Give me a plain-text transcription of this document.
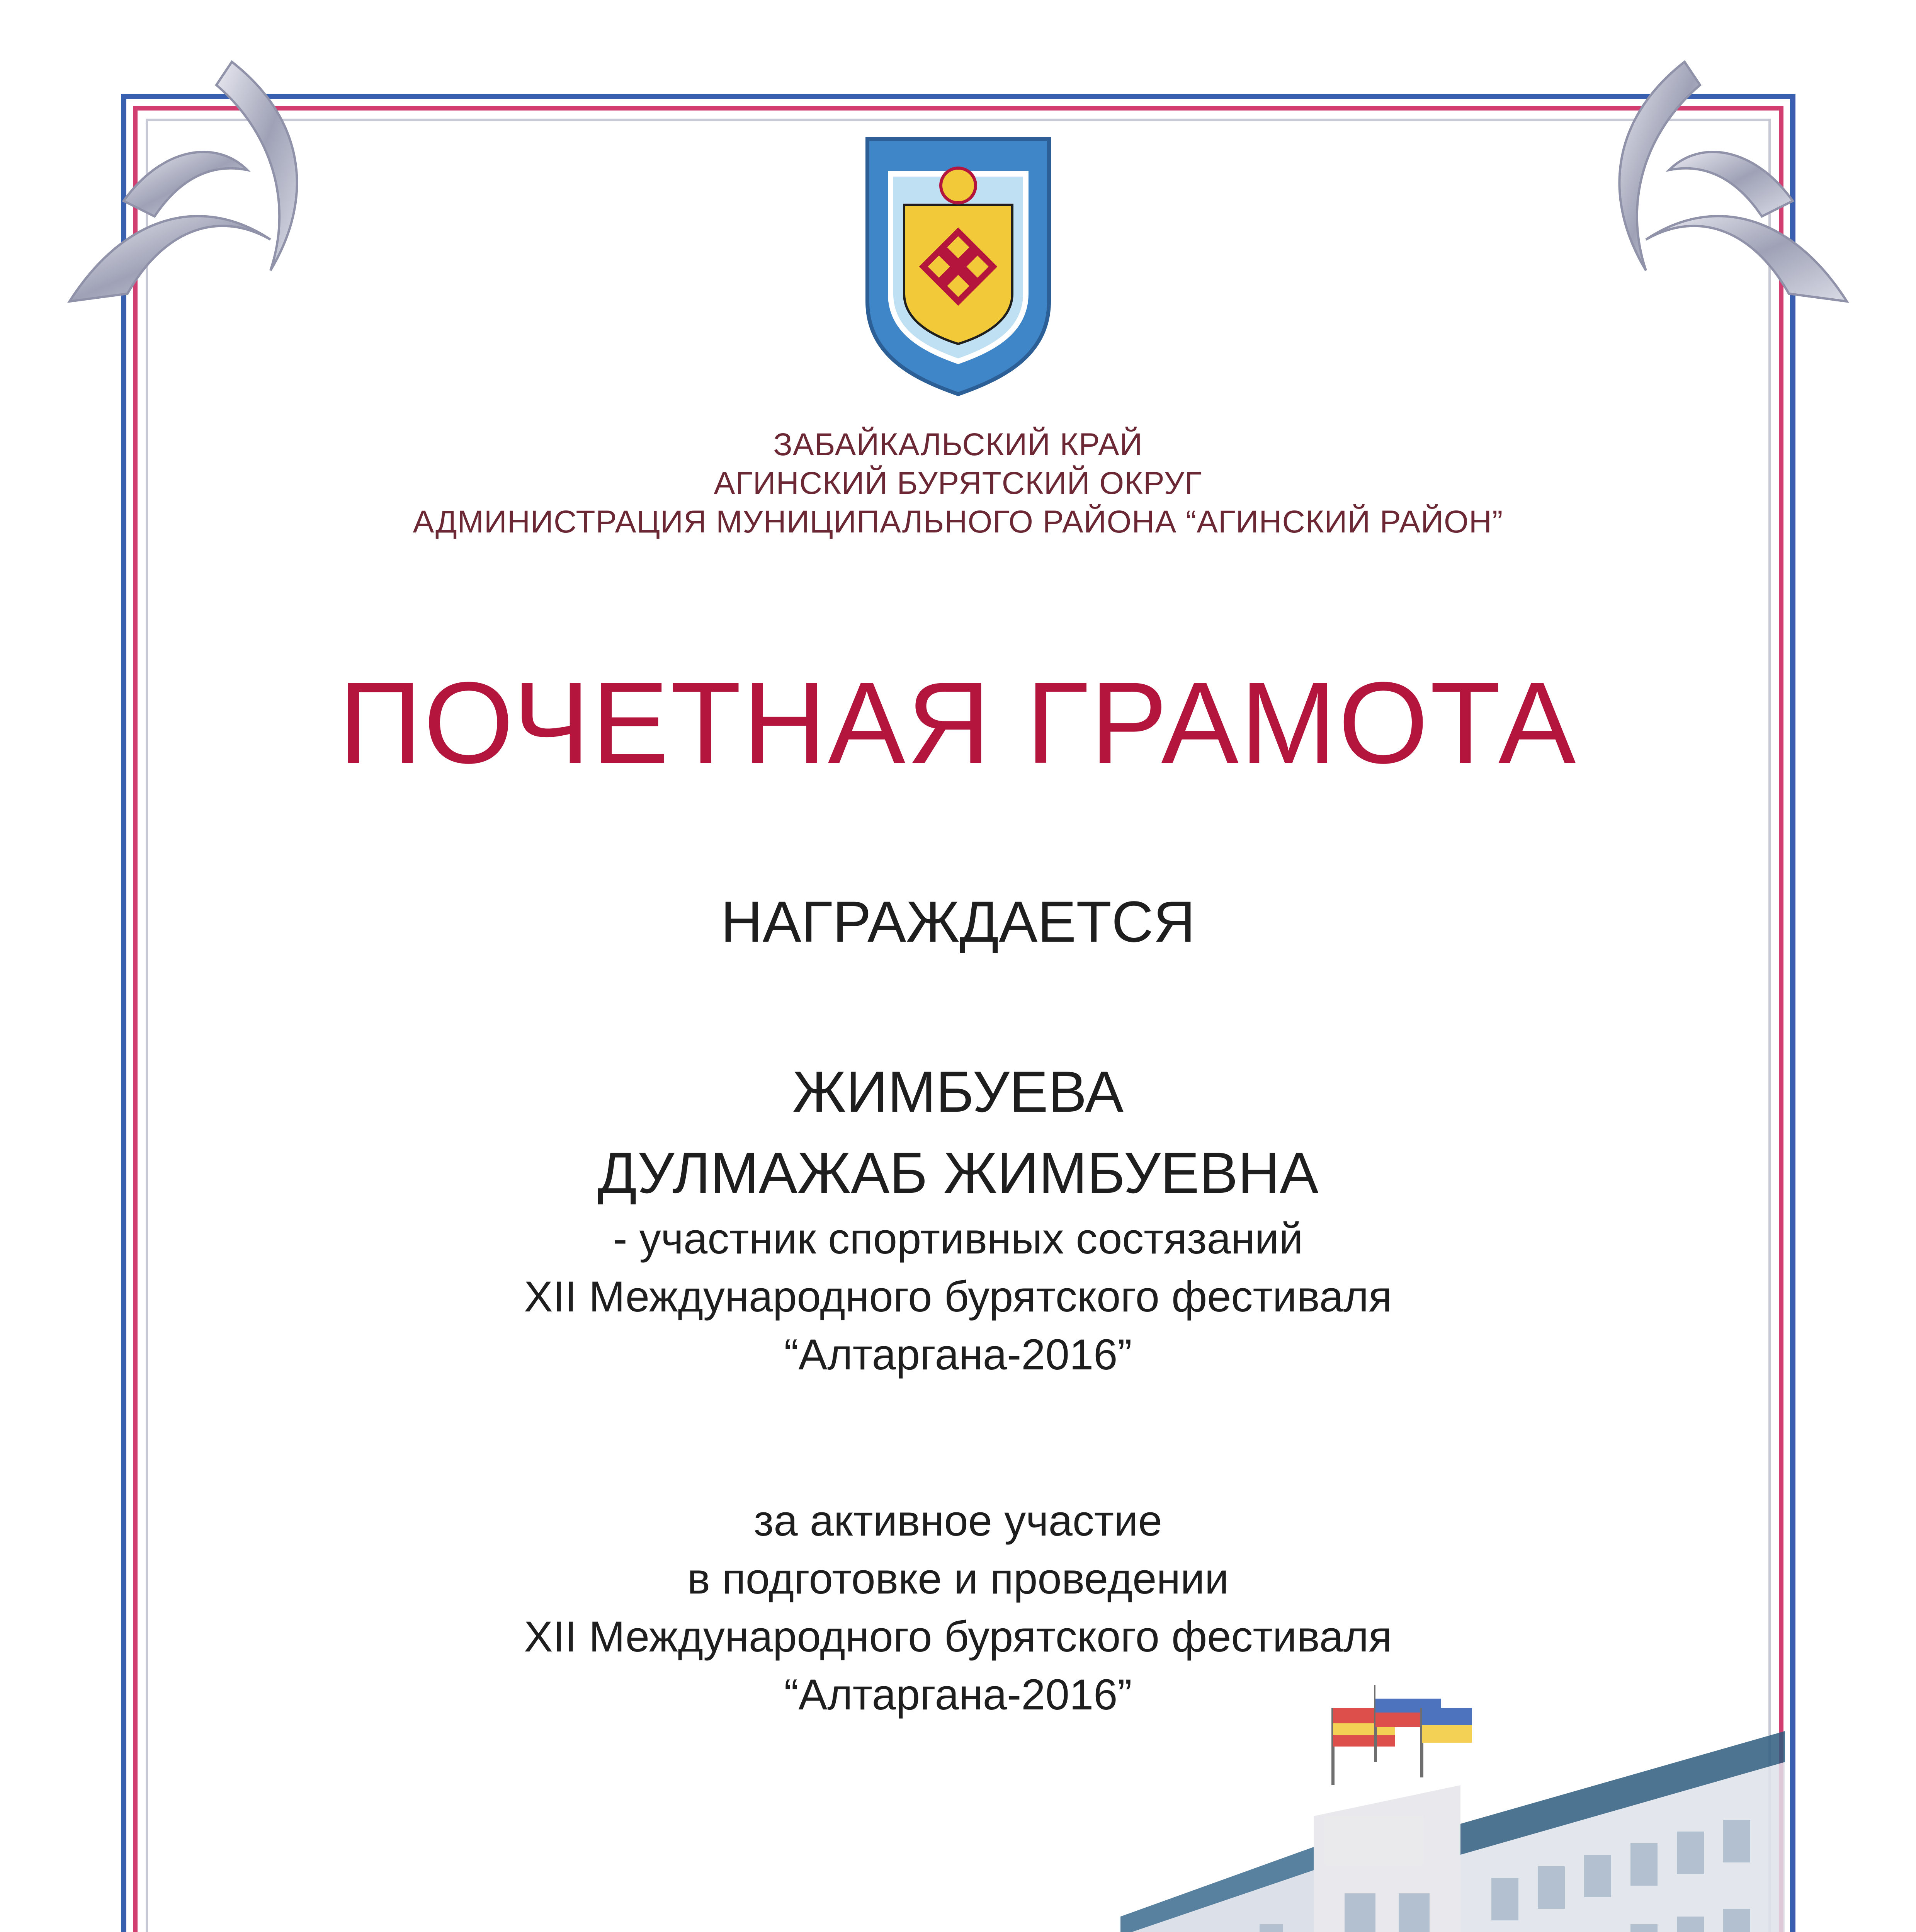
ЗАБАЙКАЛЬСКИЙ КРАЙ
АГИНСКИЙ БУРЯТСКИЙ ОКРУГ
АДМИНИСТРАЦИЯ МУНИЦИПАЛЬНОГО РАЙОНА “АГИНСКИЙ РАЙОН”
ПОЧЕТНАЯ ГРАМОТА
НАГРАЖДАЕТСЯ
ЖИМБУЕВА
ДУЛМАЖАБ ЖИМБУЕВНА
- участник спортивных состязаний
XII Международного бурятского фестиваля
“Алтаргана-2016”
за активное участие
в подготовке и проведении
XII Международного бурятского фестиваля
“Алтаргана-2016”
